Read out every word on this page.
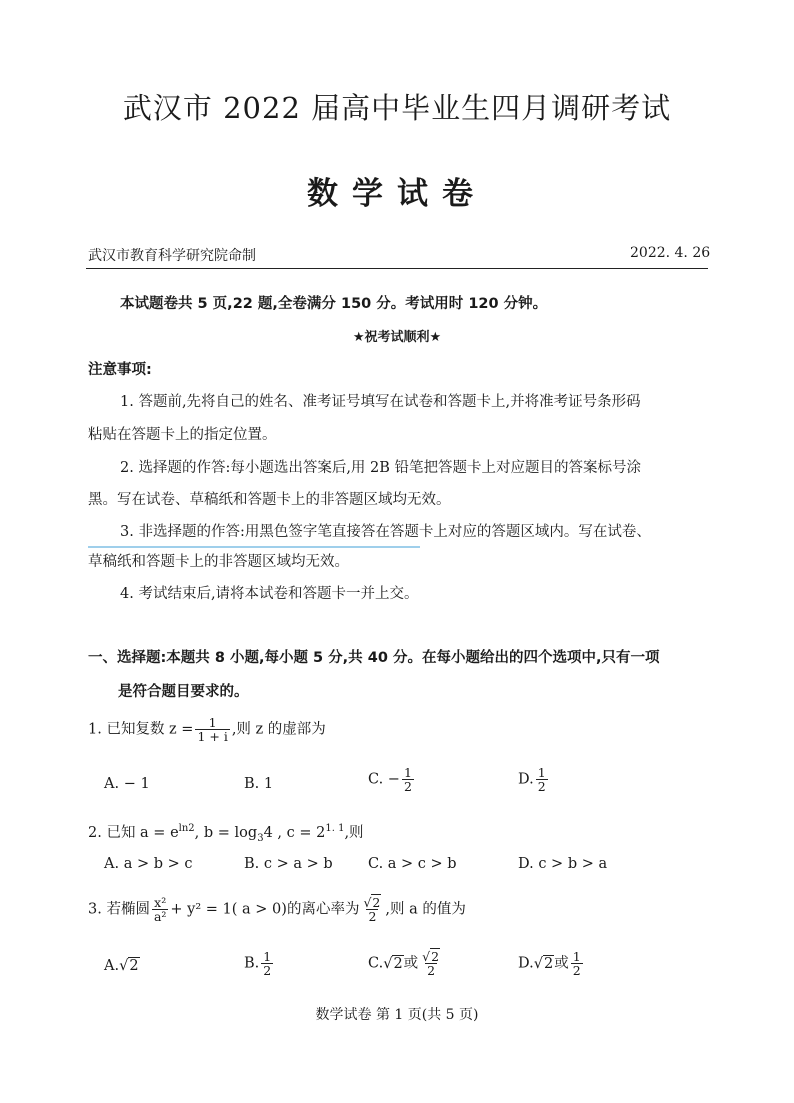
武汉市 2022 届高中毕业生四月调研考试
数学试卷
武汉市教育科学研究院命制	2022. 4. 26
本试题卷共 5 页,22 题,全卷满分 150 分。考试用时 120 分钟。
★祝考试顺利★
注意事项:
1. 答题前,先将自己的姓名、准考证号填写在试卷和答题卡上,并将准考证号条形码
粘贴在答题卡上的指定位置。
2. 选择题的作答:每小题选出答案后,用 2B 铅笔把答题卡上对应题目的答案标号涂
黑。写在试卷、草稿纸和答题卡上的非答题区域均无效。
3. 非选择题的作答:用黑色签字笔直接答在答题卡上对应的答题区域内。写在试卷、
草稿纸和答题卡上的非答题区域均无效。
4. 考试结束后,请将本试卷和答题卡一并上交。
一、选择题:本题共 8 小题,每小题 5 分,共 40 分。在每小题给出的四个选项中,只有一项
是符合题目要求的。
1. 已知复数 $z = \frac{1}{1 + i}$ ,则 z 的虚部为
A. − 1	B. 1	C. − $\frac{1}{2}$	D. $\frac{1}{2}$
2. 已知 $a = e^{ln2}$, $b = \log_34$ , $c = 2^{1. 1}$,则
A. a > b > c	B. c > a > b C. a > c > b	D. c > b > a
3. 若椭圆 $\frac{\text{x²}}{\text{a²}} + y^2 = 1$( a > 0)的离心率为 $\frac{√2}{2}$ ,则 a 的值为
A.√2	B. $\frac{1}{2}$	C.√2或 $\frac{√2}{2}$	D.√2或 $\frac{1}{2}$
数学试卷 第 1 页(共 5 页)
